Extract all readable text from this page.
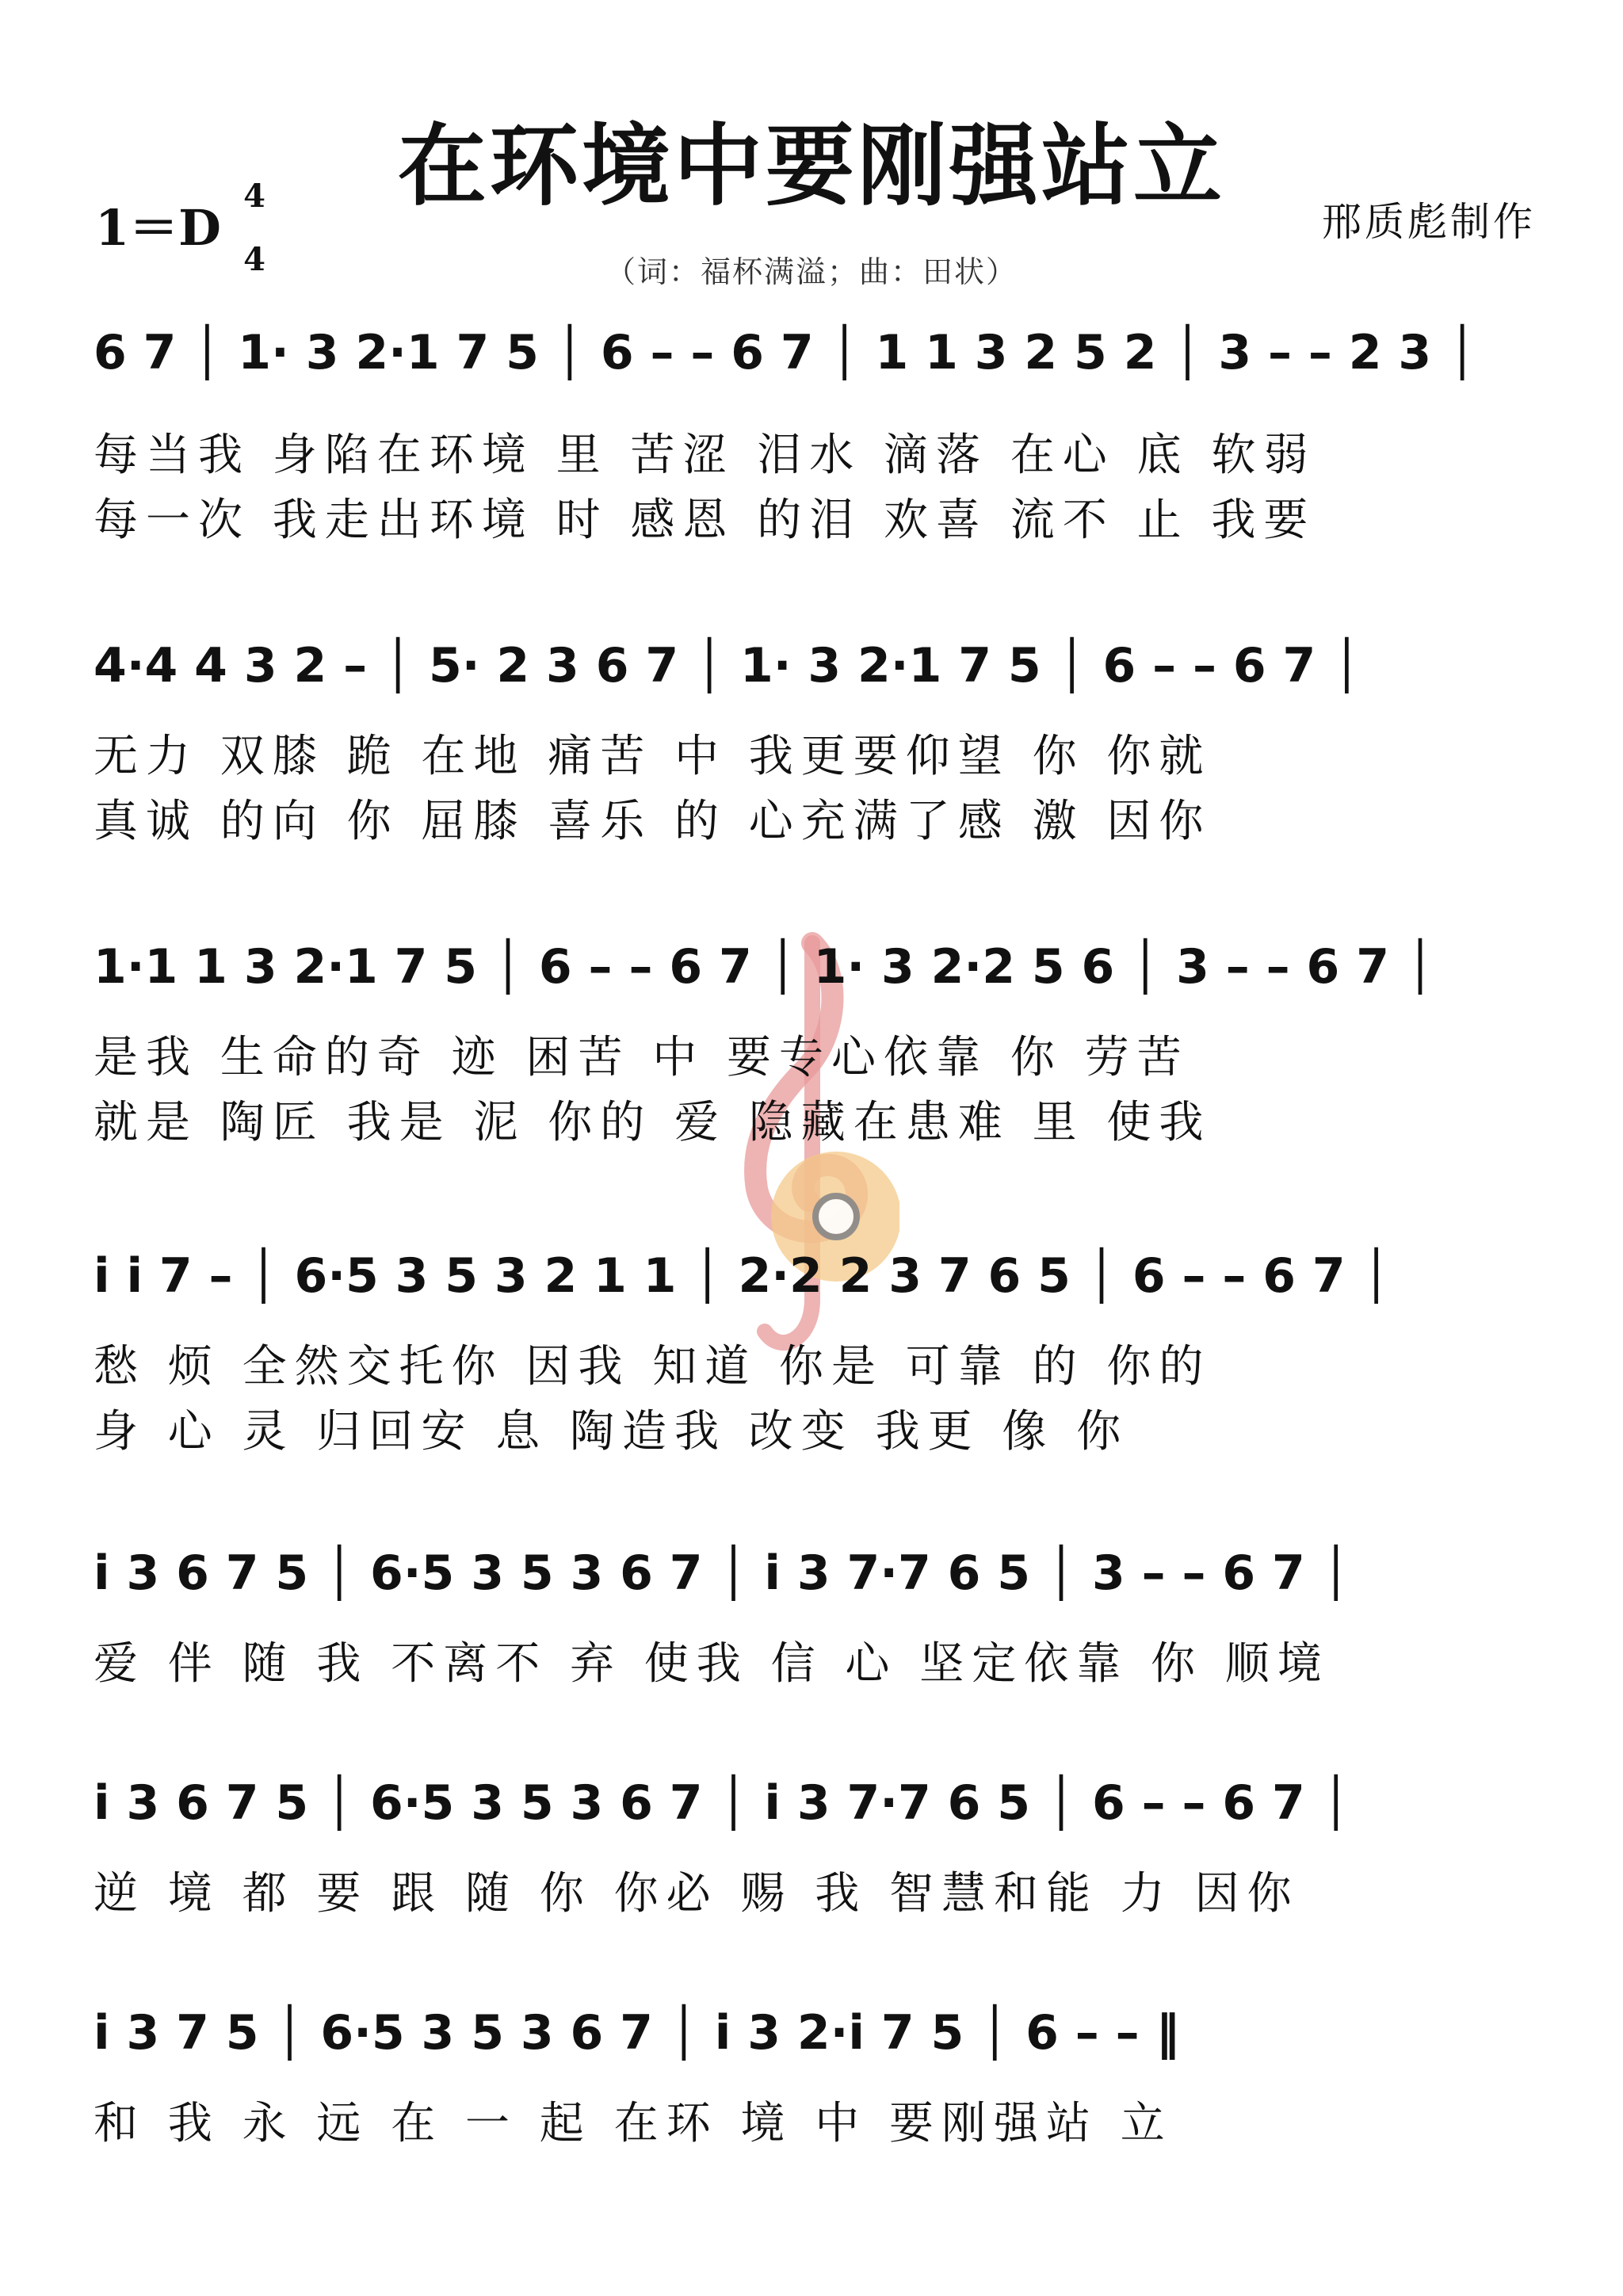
在环境中要刚强站立
1＝D
4
4
邢质彪制作
（词：福杯满溢；曲：田状）
6 7 │ 1· 3 2·1 7 5 │ 6 – – 6 7 │ 1 1 3 2 5 2 │ 3 – – 2 3 │
每当我 身陷在环境 里 苦涩 泪水 滴落 在心 底 软弱
每一次 我走出环境 时 感恩 的泪 欢喜 流不 止 我要
4·4 4 3 2 – │ 5· 2 3 6 7 │ 1· 3 2·1 7 5 │ 6 – – 6 7 │
无力 双膝 跪 在地 痛苦 中 我更要仰望 你 你就
真诚 的向 你 屈膝 喜乐 的 心充满了感 激 因你
1·1 1 3 2·1 7 5 │ 6 – – 6 7 │ 1· 3 2·2 5 6 │ 3 – – 6 7 │
是我 生命的奇 迹 困苦 中 要专心依靠 你 劳苦
就是 陶匠 我是 泥 你的 爱 隐藏在患难 里 使我
i i 7 – │ 6·5 3 5 3 2 1 1 │ 2·2 2 3 7 6 5 │ 6 – – 6 7 │
愁 烦 全然交托你 因我 知道 你是 可靠 的 你的
身 心 灵 归回安 息 陶造我 改变 我更 像 你
i 3 6 7 5 │ 6·5 3 5 3 6 7 │ i 3 7·7 6 5 │ 3 – – 6 7 │
爱 伴 随 我 不离不 弃 使我 信 心 坚定依靠 你 顺境
i 3 6 7 5 │ 6·5 3 5 3 6 7 │ i 3 7·7 6 5 │ 6 – – 6 7 │
逆 境 都 要 跟 随 你 你必 赐 我 智慧和能 力 因你
i 3 7 5 │ 6·5 3 5 3 6 7 │ i 3 2·i 7 5 │ 6 – – ‖
和 我 永 远 在 一 起 在环 境 中 要刚强站 立
